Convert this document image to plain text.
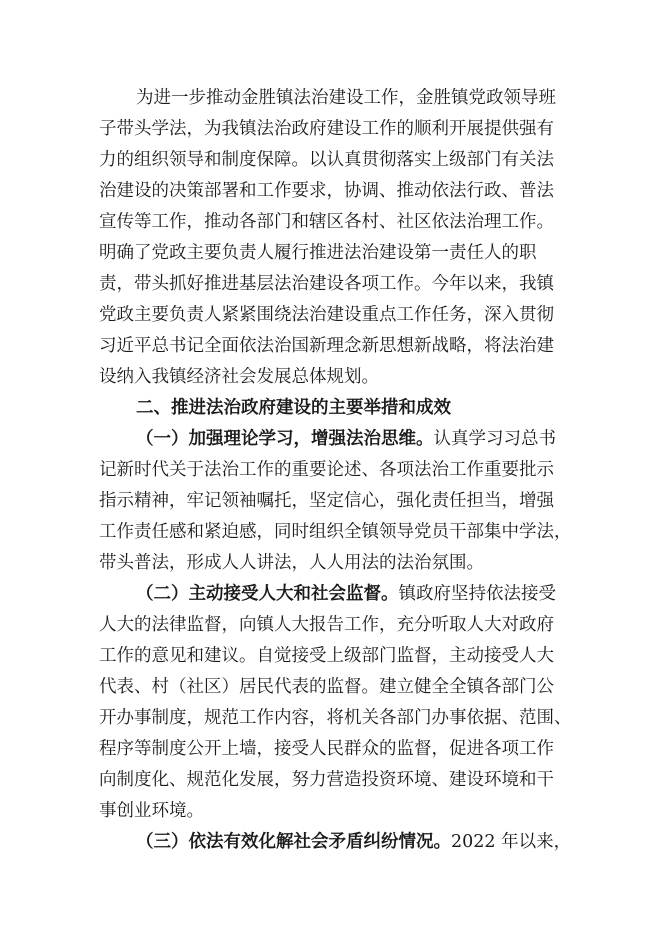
为进一步推动金胜镇法治建设工作，金胜镇党政领导班
子带头学法，为我镇法治政府建设工作的顺利开展提供强有
力的组织领导和制度保障。以认真贯彻落实上级部门有关法
治建设的决策部署和工作要求，协调、推动依法行政、普法
宣传等工作，推动各部门和辖区各村、社区依法治理工作。
明确了党政主要负责人履行推进法治建设第一责任人的职
责，带头抓好推进基层法治建设各项工作。今年以来，我镇
党政主要负责人紧紧围绕法治建设重点工作任务，深入贯彻
习近平总书记全面依法治国新理念新思想新战略，将法治建
设纳入我镇经济社会发展总体规划。
二、推进法治政府建设的主要举措和成效
（一）加强理论学习，增强法治思维。认真学习习总书
记新时代关于法治工作的重要论述、各项法治工作重要批示
指示精神，牢记领袖嘱托，坚定信心，强化责任担当，增强
工作责任感和紧迫感，同时组织全镇领导党员干部集中学法，
带头普法，形成人人讲法，人人用法的法治氛围。
（二）主动接受人大和社会监督。镇政府坚持依法接受
人大的法律监督，向镇人大报告工作，充分听取人大对政府
工作的意见和建议。自觉接受上级部门监督，主动接受人大
代表、村（社区）居民代表的监督。建立健全全镇各部门公
开办事制度，规范工作内容，将机关各部门办事依据、范围、
程序等制度公开上墙，接受人民群众的监督，促进各项工作
向制度化、规范化发展，努力营造投资环境、建设环境和干
事创业环境。
（三）依法有效化解社会矛盾纠纷情况。2022 年以来，
